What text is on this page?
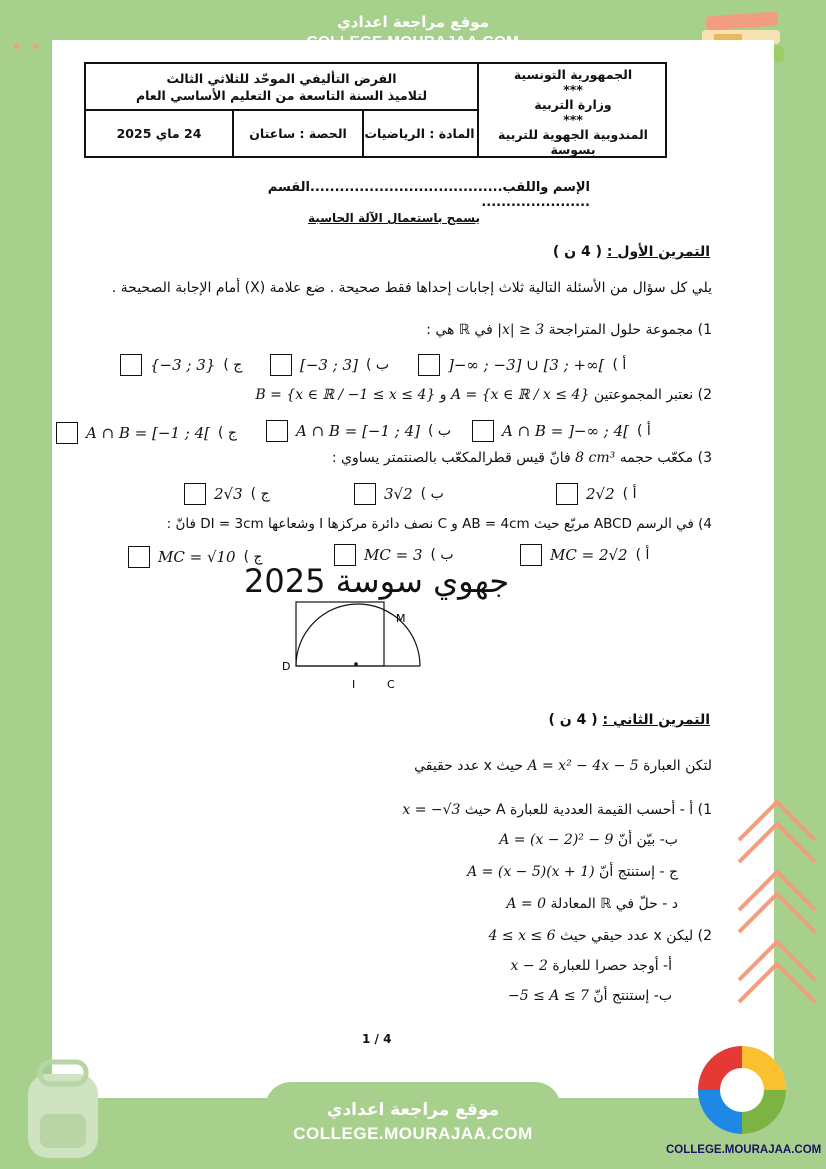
موقع مراجعة اعدادي
الفرض التأليفي الموحّد للثلاثي الثالث
لتلاميذ السنة التاسعة من التعليم الأساسي العام
24 ماي 2025	الحصة : ساعتان	المادة : الرياضيات
الجمهورية التونسية
***
وزارة التربية
***
المندوبية الجهوية للتربية بسوسة
الإسم واللقب.......................................القسم ......................
يسمح باستعمال الآلة الحاسبة
التمرين الأول : ( 4 ن )
يلي كل سؤال من الأسئلة التالية ثلاث إجابات إحداها فقط صحيحة . ضع علامة (X) أمام الإجابة الصحيحة .
1) مجموعة حلول المتراجحة |x| ≥ 3 في ℝ هي :
أ )
]−∞ ; −3] ∪ [3 ; +∞[
ب )
[−3 ; 3]
ج )
{−3 ; 3}
2) نعتبر المجموعتين A = {x ∈ ℝ / x ≤ 4} و B = {x ∈ ℝ / −1 ≤ x ≤ 4}
أ )
A ∩ B = ]−∞ ; 4[
ب )
A ∩ B = [−1 ; 4]
ج )
A ∩ B = [−1 ; 4[
3) مكعّب حجمه 8 cm³ فانّ قيس قطرالمكعّب بالصنتمتر يساوي :
أ )
2√2
ب )
3√2
ج )
2√3
4) في الرسم ABCD مربّع حيث AB = 4cm و C نصف دائرة مركزها I وشعاعها DI = 3cm فانّ :
أ )
MC = 2√2
ب )
MC = 3
ج )
MC = √10
D
I	C
M
جهوي سوسة 2025
التمرين الثاني : ( 4 ن )
لتكن العبارة A = x² − 4x − 5 حيث x عدد حقيقي
1) أ - أحسب القيمة العددية للعبارة A حيث x = −√3
ب- بيّن أنّ A = (x − 2)² − 9
ج - إستنتج أنّ A = (x − 5)(x + 1)
د - حلّ في ℝ المعادلة A = 0
2) ليكن x عدد حيقي حيث 4 ≤ x ≤ 6
أ- أوجد حصرا للعبارة x − 2
ب- إستنتج أنّ −5 ≤ A ≤ 7
1 / 4
موقع مراجعة اعدادي
COLLEGE.MOURAJAA.COM
COLLEGE.MOURAJAA.COM
